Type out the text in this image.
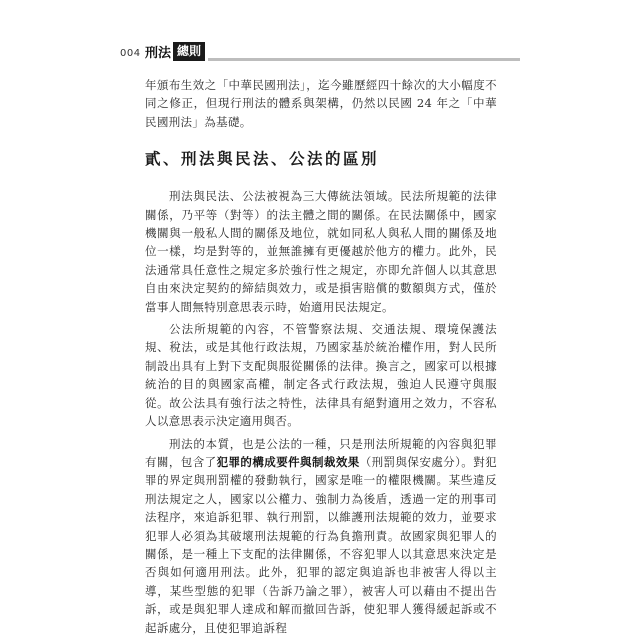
004 刑法 總則

年頒布生效之「中華民國刑法」，迄今雖歷經四十餘次的大小幅度不同之修正，但現行刑法的體系與架構，仍然以民國 24 年之「中華民國刑法」為基礎。

貳、刑法與民法、公法的區別

刑法與民法、公法被視為三大傳統法領域。民法所規範的法律關係，乃平等（對等）的法主體之間的關係。在民法關係中，國家機關與一般私人間的關係及地位，就如同私人與私人間的關係及地位一樣，均是對等的，並無誰擁有更優越於他方的權力。此外，民法通常具任意性之規定多於強行性之規定，亦即允許個人以其意思自由來決定契約的締結與效力，或是損害賠償的數額與方式，僅於當事人間無特別意思表示時，始適用民法規定。

公法所規範的內容，不管警察法規、交通法規、環境保護法規、稅法，或是其他行政法規，乃國家基於統治權作用，對人民所制設出具有上對下支配與服從關係的法律。換言之，國家可以根據統治的目的與國家高權，制定各式行政法規，強迫人民遵守與服從。故公法具有強行法之特性，法律具有絕對適用之效力，不容私人以意思表示決定適用與否。

刑法的本質，也是公法的一種，只是刑法所規範的內容與犯罪有關，包含了犯罪的構成要件與制裁效果（刑罰與保安處分）。對犯罪的界定與刑罰權的發動執行，國家是唯一的權限機關。某些違反刑法規定之人，國家以公權力、強制力為後盾，透過一定的刑事司法程序，來追訴犯罪、執行刑罰，以維護刑法規範的效力，並要求犯罪人必須為其破壞刑法規範的行為負擔刑責。故國家與犯罪人的關係，是一種上下支配的法律關係，不容犯罪人以其意思來決定是否與如何適用刑法。此外，犯罪的認定與追訴也非被害人得以主導，某些型態的犯罪（告訴乃論之罪），被害人可以藉由不提出告訴，或是與犯罪人達成和解而撤回告訴，使犯罪人獲得緩起訴或不起訴處分，且使犯罪追訴程
